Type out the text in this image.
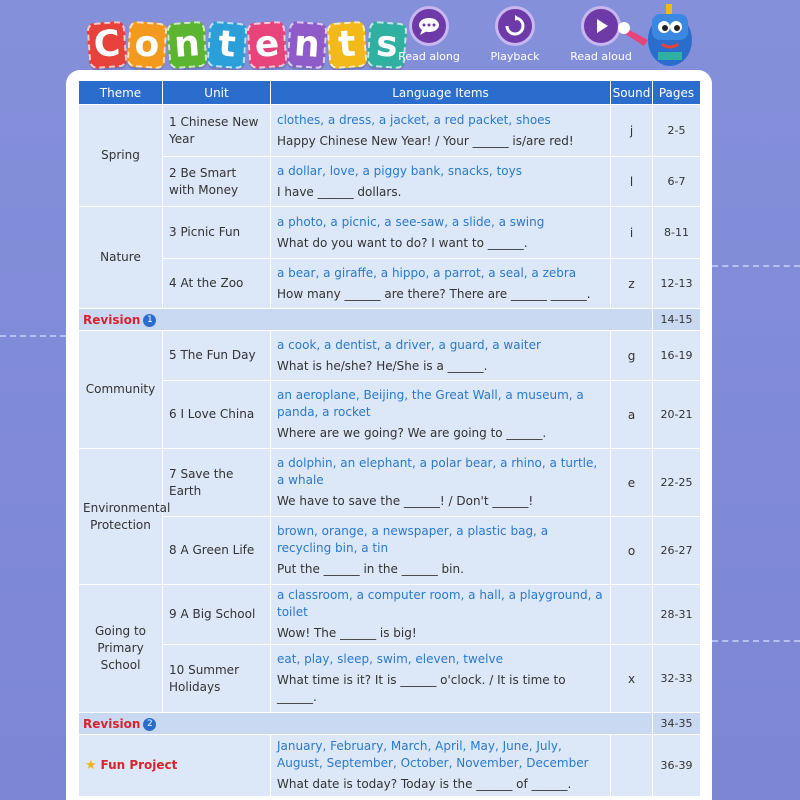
C o n t e n t s Read along	Playback	Read aloud
Theme	Unit	Language Items	Sound	Pages
Spring	1 Chinese New Year	clothes, a dress, a jacket, a red packet, shoes
Happy Chinese New Year! / Your ______ is/are red!	j	2-5
	2 Be Smart with Money	a dollar, love, a piggy bank, snacks, toys
I have ______ dollars.	l	6-7
Nature	3 Picnic Fun	a photo, a picnic, a see-saw, a slide, a swing
What do you want to do? I want to ______.	i	8-11
	4 At the Zoo	a bear, a giraffe, a hippo, a parrot, a seal, a zebra
How many ______ are there? There are ______ ______.	z	12-13
Revision 1				14-15
Community	5 The Fun Day	a cook, a dentist, a driver, a guard, a waiter
What is he/she? He/She is a ______.	g	16-19
	6 I Love China	an aeroplane, Beijing, the Great Wall, a museum, a panda, a rocket
Where are we going? We are going to ______.	a	20-21
Environmental Protection	7 Save the Earth	a dolphin, an elephant, a polar bear, a rhino, a turtle, a whale
We have to save the ______! / Don't ______!	e	22-25
	8 A Green Life	brown, orange, a newspaper, a plastic bag, a recycling bin, a tin
Put the ______ in the ______ bin.	o	26-27
Going to Primary School	9 A Big School	a classroom, a computer room, a hall, a playground, a toilet
Wow! The ______ is big!		28-31
	10 Summer Holidays	eat, play, sleep, swim, eleven, twelve
What time is it? It is ______ o'clock. / It is time to ______.	x	32-33
Revision 2				34-35
★ Fun Project		January, February, March, April, May, June, July, August, September, October, November, December
What date is today? Today is the ______ of ______.		36-39
